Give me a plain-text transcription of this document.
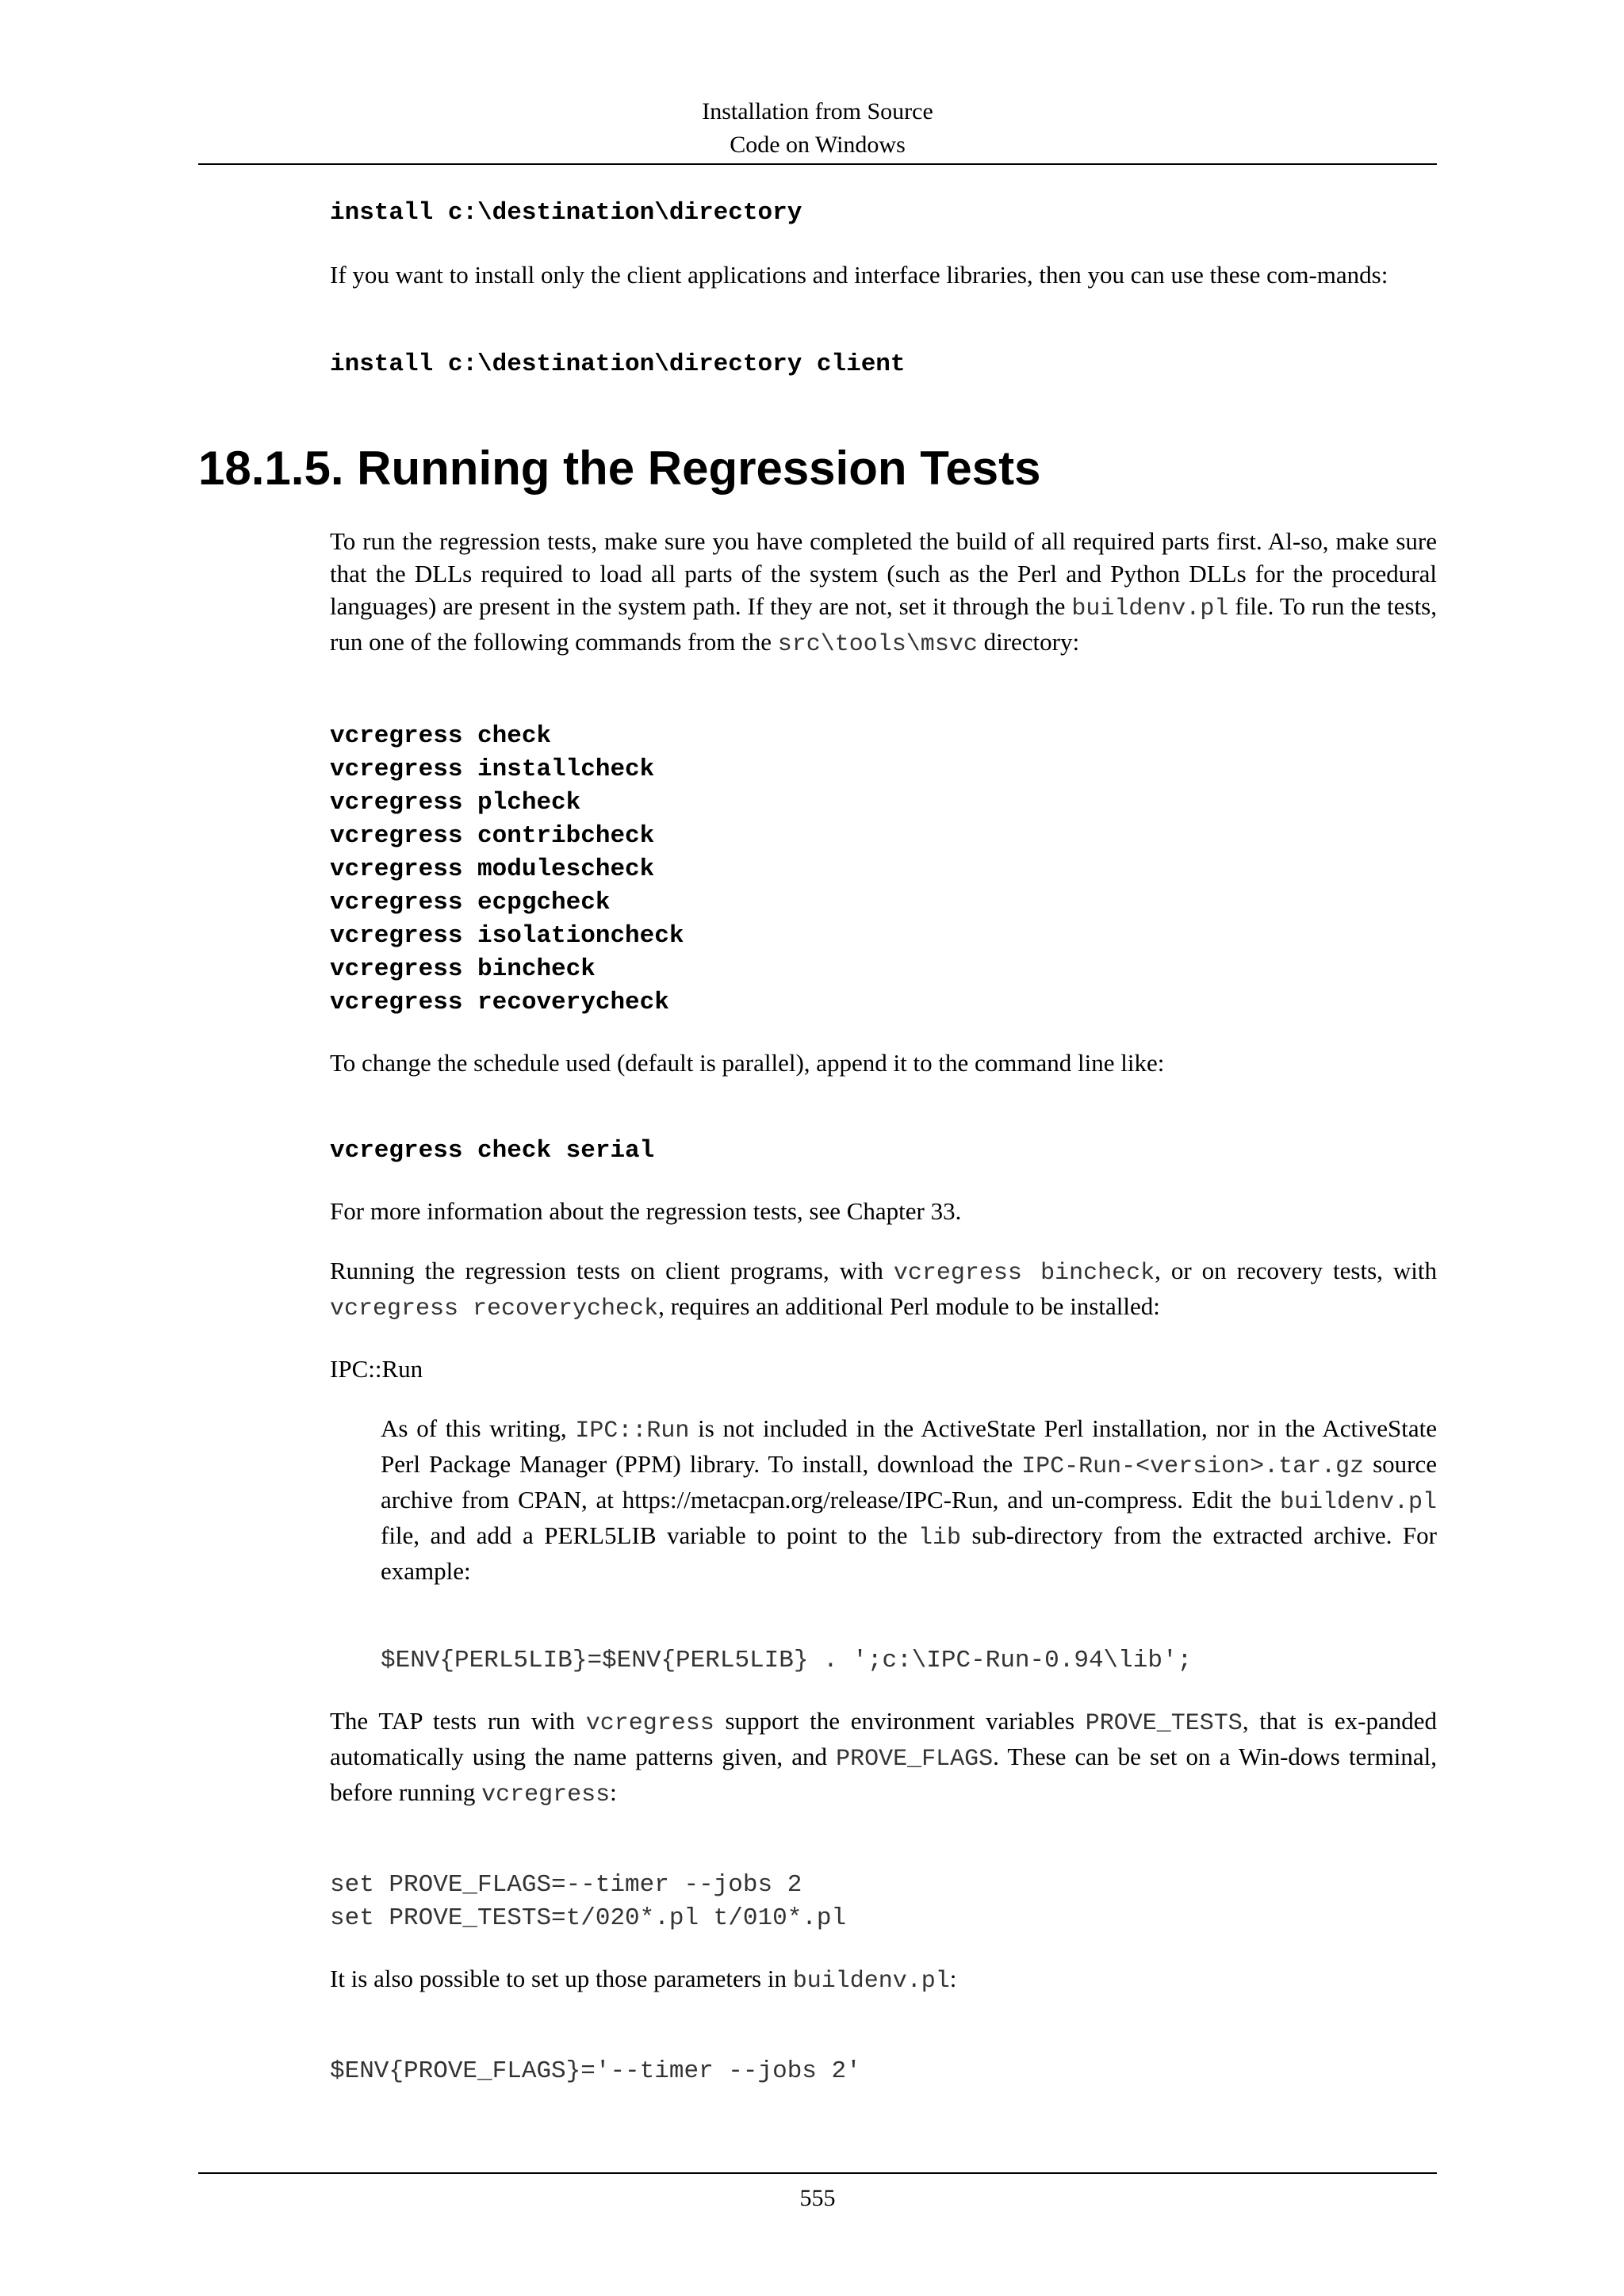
Installation from Source
Code on Windows
install c:\destination\directory

If you want to install only the client applications and interface libraries, then you can use these com-mands:

install c:\destination\directory client
18.1.5. Running the Regression Tests

To run the regression tests, make sure you have completed the build of all required parts first. Al-so, make sure that the DLLs required to load all parts of the system (such as the Perl and Python DLLs for the procedural languages) are present in the system path. If they are not, set it through the buildenv.pl file. To run the tests, run one of the following commands from the src\tools\msvc directory:

vcregress check
vcregress installcheck
vcregress plcheck
vcregress contribcheck
vcregress modulescheck
vcregress ecpgcheck
vcregress isolationcheck
vcregress bincheck
vcregress recoverycheck

To change the schedule used (default is parallel), append it to the command line like:

vcregress check serial

For more information about the regression tests, see Chapter 33.

Running the regression tests on client programs, with vcregress bincheck, or on recovery tests, with vcregress recoverycheck, requires an additional Perl module to be installed:

IPC::Run

As of this writing, IPC::Run is not included in the ActiveState Perl installation, nor in the ActiveState Perl Package Manager (PPM) library. To install, download the IPC-Run-<version>.tar.gz source archive from CPAN, at https://metacpan.org/release/IPC-Run, and un-compress. Edit the buildenv.pl file, and add a PERL5LIB variable to point to the lib sub-directory from the extracted archive. For example:

$ENV{PERL5LIB}=$ENV{PERL5LIB} . ';c:\IPC-Run-0.94\lib';

The TAP tests run with vcregress support the environment variables PROVE_TESTS, that is ex-panded automatically using the name patterns given, and PROVE_FLAGS. These can be set on a Win-dows terminal, before running vcregress:

set PROVE_FLAGS=--timer --jobs 2
set PROVE_TESTS=t/020*.pl t/010*.pl

It is also possible to set up those parameters in buildenv.pl:

$ENV{PROVE_FLAGS}='--timer --jobs 2'
555
